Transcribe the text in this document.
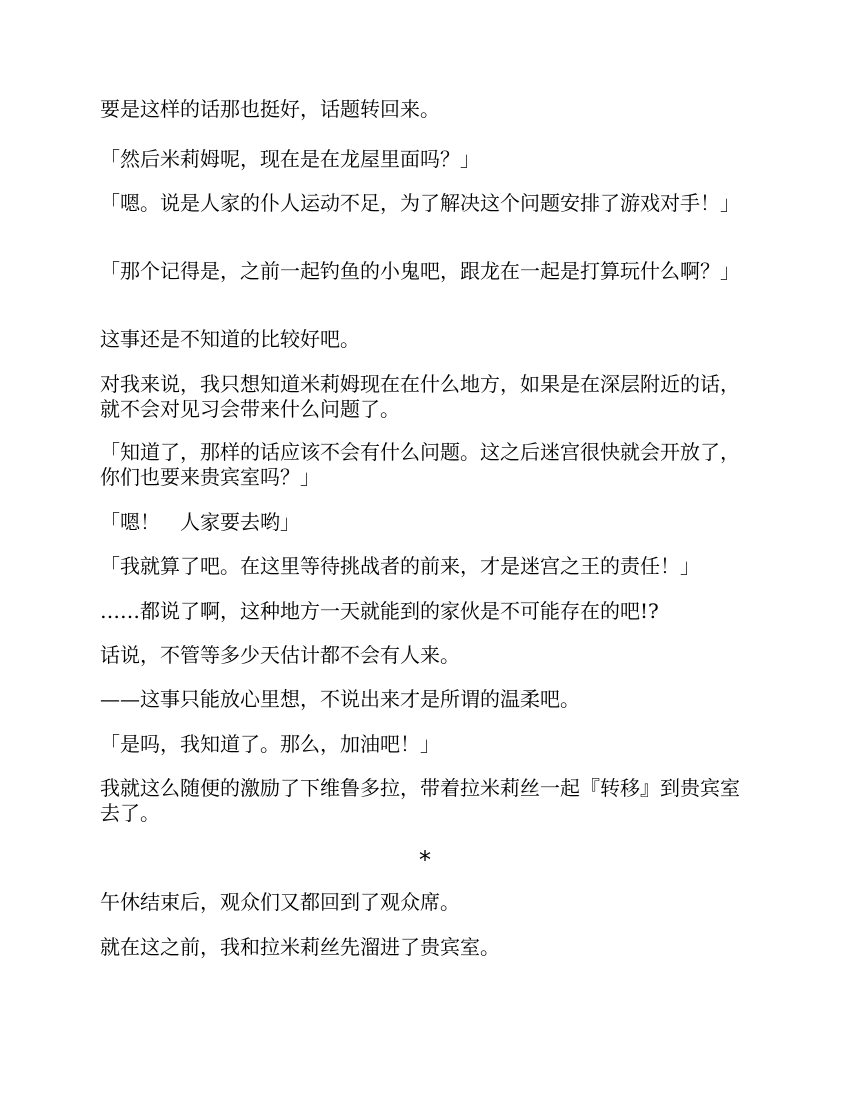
要是这样的话那也挺好，话题转回来。

「然后米莉姆呢，现在是在龙屋里面吗？」

「嗯。说是人家的仆人运动不足，为了解决这个问题安排了游戏对手！」

「那个记得是，之前一起钓鱼的小鬼吧，跟龙在一起是打算玩什么啊？」

这事还是不知道的比较好吧。

对我来说，我只想知道米莉姆现在在什么地方，如果是在深层附近的话，就不会对见习会带来什么问题了。

「知道了，那样的话应该不会有什么问题。这之后迷宫很快就会开放了，你们也要来贵宾室吗？」

「嗯！　人家要去哟」

「我就算了吧。在这里等待挑战者的前来，才是迷宫之王的责任！」

……都说了啊，这种地方一天就能到的家伙是不可能存在的吧!?

话说，不管等多少天估计都不会有人来。

——这事只能放心里想，不说出来才是所谓的温柔吧。

「是吗，我知道了。那么，加油吧！」

我就这么随便的激励了下维鲁多拉，带着拉米莉丝一起『转移』到贵宾室去了。

*

午休结束后，观众们又都回到了观众席。

就在这之前，我和拉米莉丝先溜进了贵宾室。
